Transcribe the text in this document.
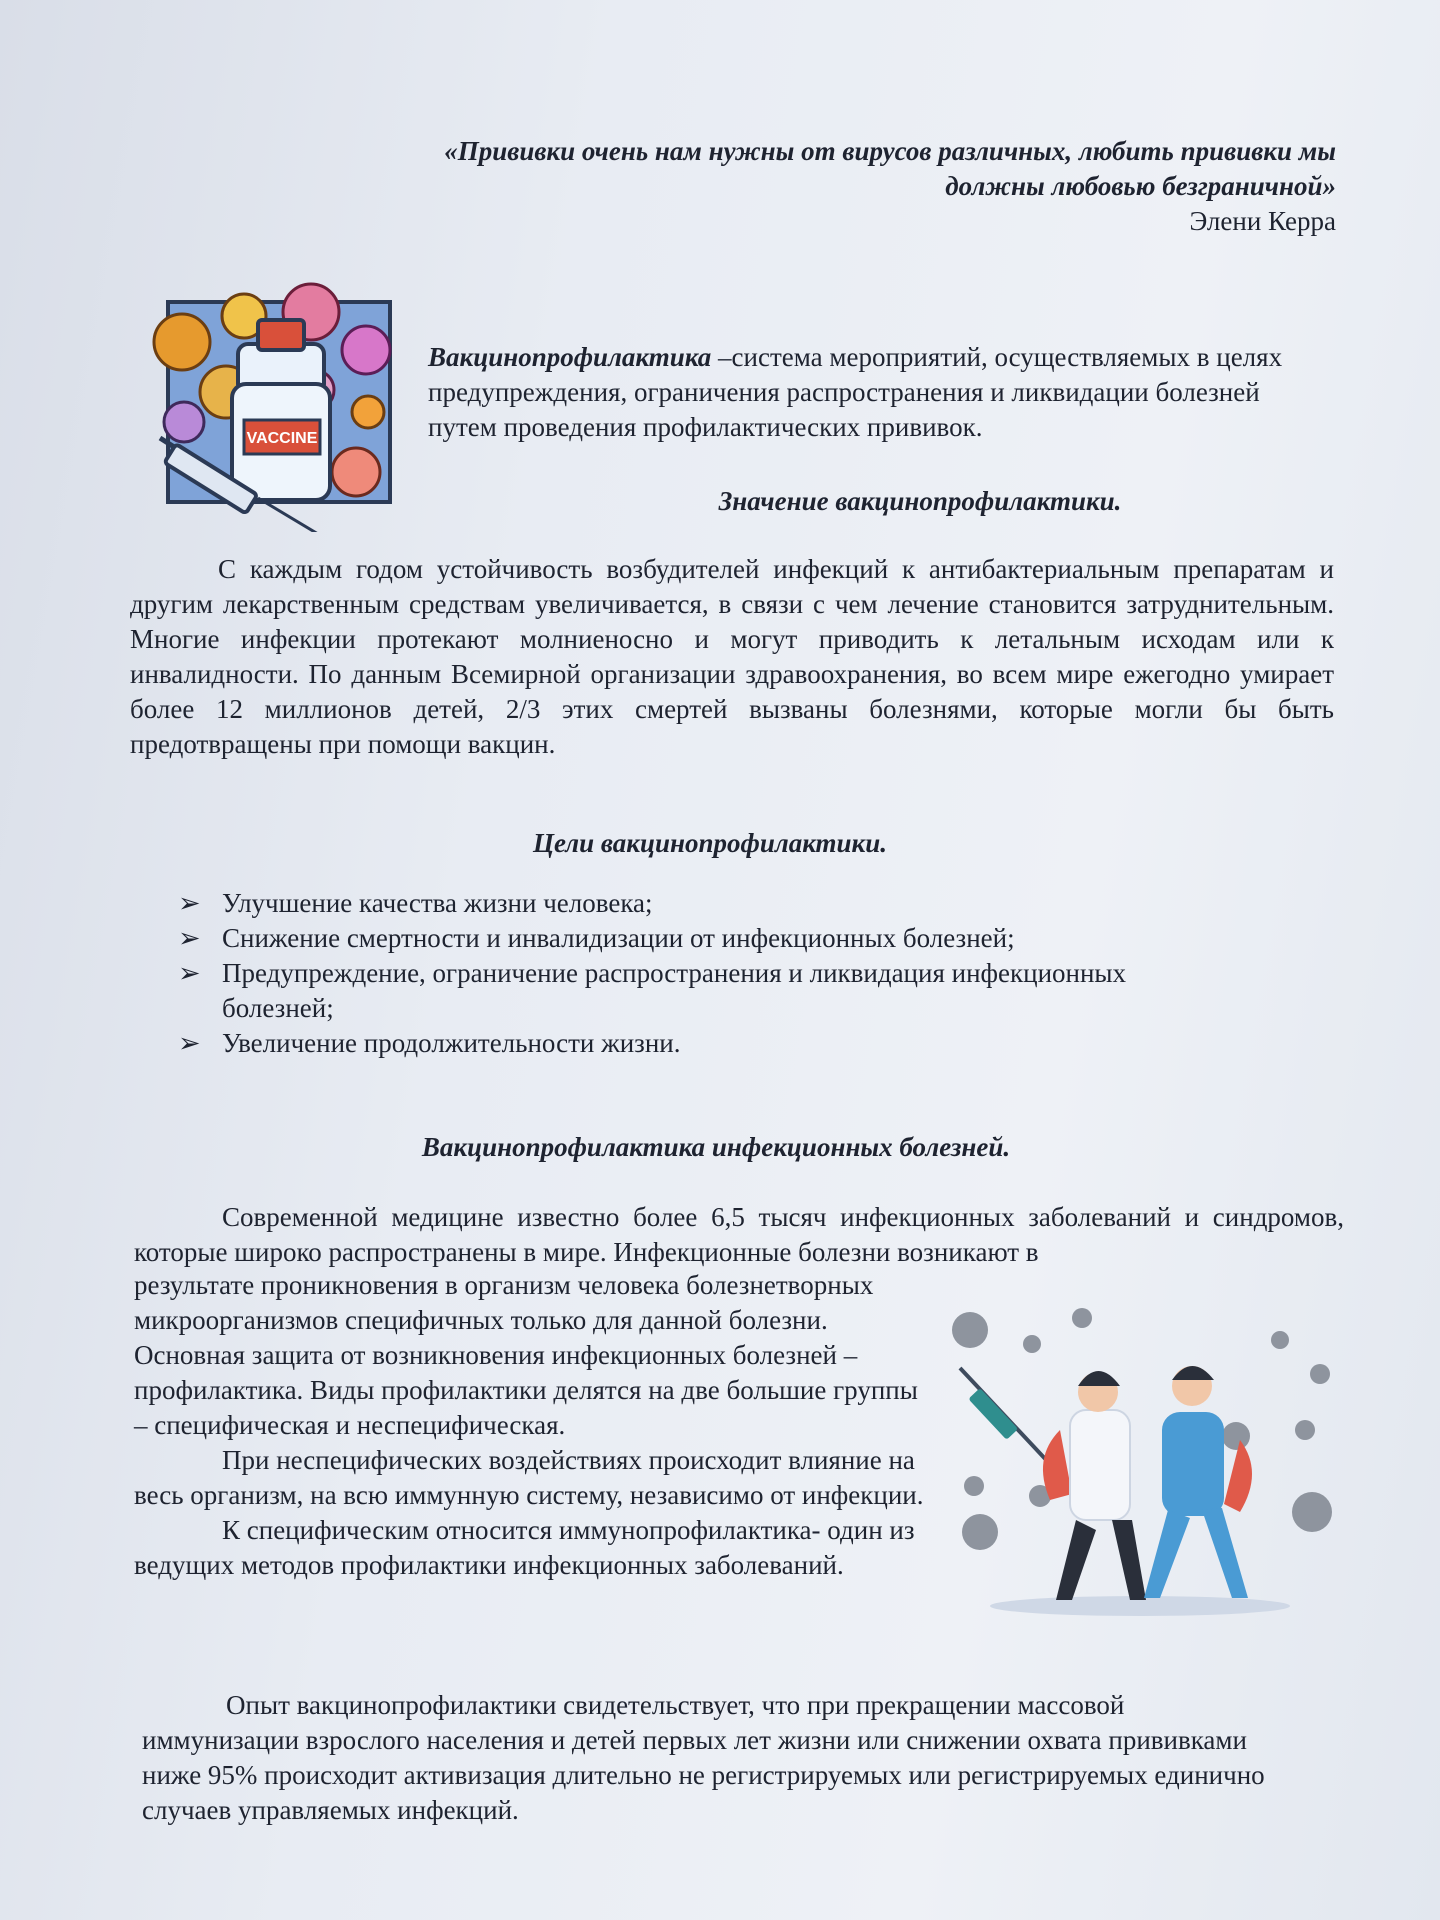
«Прививки очень нам нужны от вирусов различных, любить прививки мы
должны любовью безграничной»
Элени Керра
VACCINE
Вакцинопрофилактика –система мероприятий, осуществляемых в целях предупреждения, ограничения распространения и ликвидации болезней путем проведения профилактических прививок.
Значение вакцинопрофилактики.

С каждым годом устойчивость возбудителей инфекций к антибактериальным препаратам и другим лекарственным средствам увеличивается, в связи с чем лечение становится затруднительным. Многие инфекции протекают молниеносно и могут приводить к летальным исходам или к инвалидности. По данным Всемирной организации здравоохранения, во всем мире ежегодно умирает более 12 миллионов детей, 2/3 этих смертей вызваны болезнями, которые могли бы быть предотвращены при помощи вакцин.

Цели вакцинопрофилактики.
➢ Улучшение качества жизни человека;
➢ Снижение смертности и инвалидизации от инфекционных болезней;
➢ Предупреждение, ограничение распространения и ликвидация инфекционных болезней;
➢ Увеличение продолжительности жизни.
Вакцинопрофилактика инфекционных болезней.

Современной медицине известно более 6,5 тысяч инфекционных заболеваний и синдромов, которые широко распространены в мире. Инфекционные болезни возникают в

результате проникновения в организм человека болезнетворных микроорганизмов специфичных только для данной болезни. Основная защита от возникновения инфекционных болезней – профилактика. Виды профилактики делятся на две большие группы – специфическая и неспецифическая.

При неспецифических воздействиях происходит влияние на весь организм, на всю иммунную систему, независимо от инфекции.

К специфическим относится иммунопрофилактика- один из ведущих методов профилактики инфекционных заболеваний.

Опыт вакцинопрофилактики свидетельствует, что при прекращении массовой иммунизации взрослого населения и детей первых лет жизни или снижении охвата прививками ниже 95% происходит активизация длительно не регистрируемых или регистрируемых единично случаев управляемых инфекций.
